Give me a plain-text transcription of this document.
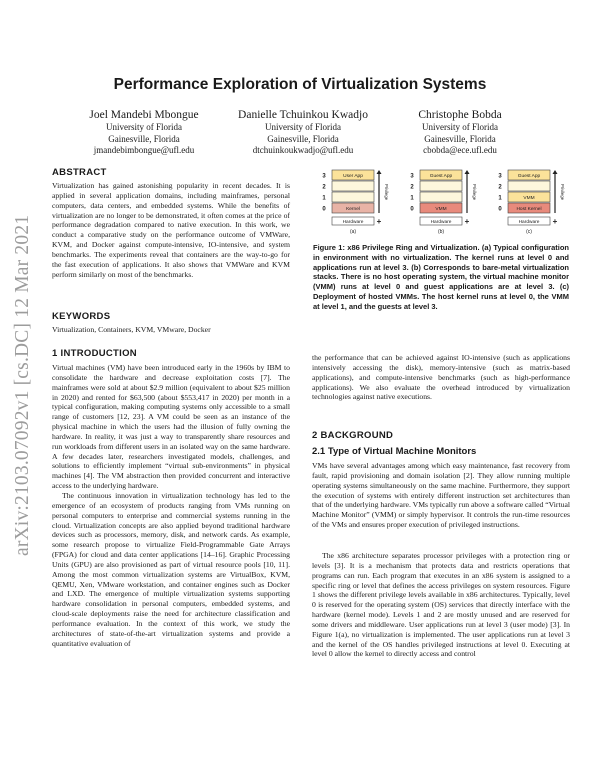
arXiv:2103.07092v1 [cs.DC] 12 Mar 2021
Performance Exploration of Virtualization Systems
Joel Mandebi Mbongue
University of Florida
Gainesville, Florida
jmandebimbongue@ufl.edu
Danielle Tchuinkou Kwadjo
University of Florida
Gainesville, Florida
dtchuinkoukwadjo@ufl.edu
Christophe Bobda
University of Florida
Gainesville, Florida
cbobda@ece.ufl.edu
ABSTRACT

Virtualization has gained astonishing popularity in recent decades. It is applied in several application domains, including mainframes, personal computers, data centers, and embedded systems. While the benefits of virtualization are no longer to be demonstrated, it often comes at the price of performance degradation compared to native execution. In this work, we conduct a comparative study on the performance outcome of VMWare, KVM, and Docker against compute-intensive, IO-intensive, and system benchmarks. The experiments reveal that containers are the way-to-go for the fast execution of applications. It also shows that VMWare and KVM perform similarly on most of the benchmarks.

KEYWORDS

Virtualization, Containers, KVM, VMware, Docker

1 INTRODUCTION

Virtual machines (VM) have been introduced early in the 1960s by IBM to consolidate the hardware and decrease exploitation costs [7]. The mainframes were sold at about $2.9 million (equivalent to about $25 million in 2020) and rented for $63,500 (about $553,417 in 2020) per month in a typical configuration, making computing systems only accessible to a small range of customers [12, 23]. A VM could be seen as an instance of the physical machine in which the users had the illusion of fully owning the hardware. In reality, it was just a way to transparently share resources and run workloads from different users in an isolated way on the same hardware. A few decades later, researchers investigated models, challenges, and solutions to efficiently implement “virtual sub-environments” in physical machines [4]. The VM abstraction then provided concurrent and interactive access to the underlying hardware.

The continuous innovation in virtualization technology has led to the emergence of an ecosystem of products ranging from VMs running on personal computers to enterprise and commercial systems running in the cloud. Virtualization concepts are also applied beyond traditional hardware devices such as processors, memory, disk, and network cards. As example, some research propose to virtualize Field-Programmable Gate Arrays (FPGA) for cloud and data center applications [14–16]. Graphic Processing Units (GPU) are also provisioned as part of virtual resource pools [10, 11]. Among the most common virtualization systems are VirtualBox, KVM, QEMU, Xen, VMware workstation, and container engines such as Docker and LXD. The emergence of multiple virtualization systems supporting hardware consolidation in personal computers, embedded systems, and cloud-scale deployments raise the need for architecture classification and performance evaluation. In the context of this work, we study the architectures of state-of-the-art virtualization systems and provide a quantitative evaluation of

3
2
1
0
User App
Kernel
Privilege
Hardware +
(a)
3
2
1
0
Guest App
VMM
Privilege
Hardware +
(b)
3
2
1
0
Guest App
VMM
Host Kernel
Privilege
Hardware +
(c)
Figure 1: x86 Privilege Ring and Virtualization. (a) Typical configuration in environment with no virtualization. The kernel runs at level 0 and applications run at level 3. (b) Corresponds to bare-metal virtualization stacks. There is no host operating system, the virtual machine monitor (VMM) runs at level 0 and guest applications are at level 3. (c) Deployment of hosted VMMs. The host kernel runs at level 0, the VMM at level 1, and the guests at level 3.

the performance that can be achieved against IO-intensive (such as applications intensively accessing the disk), memory-intensive (such as matrix-based applications), and compute-intensive benchmarks (such as high-performance applications). We also evaluate the overhead introduced by virtualization technologies against native executions.

2 BACKGROUND
2.1 Type of Virtual Machine Monitors

VMs have several advantages among which easy maintenance, fast recovery from fault, rapid provisioning and domain isolation [2]. They allow running multiple operating systems simultaneously on the same machine. Furthermore, they support the execution of systems with entirely different instruction set architectures than that of the underlying hardware. VMs typically run above a software called “Virtual Machine Monitor” (VMM) or simply hypervisor. It controls the run-time resources of the VMs and ensures proper execution of privileged instructions.

The x86 architecture separates processor privileges with a protection ring or levels [3]. It is a mechanism that protects data and restricts operations that programs can run. Each program that executes in an x86 system is assigned to a specific ring or level that defines the access privileges on system resources. Figure 1 shows the different privilege levels available in x86 architectures. Typically, level 0 is reserved for the operating system (OS) services that directly interface with the hardware (kernel mode). Levels 1 and 2 are mostly unused and are reserved for some drivers and middleware. User applications run at level 3 (user mode) [3]. In Figure 1(a), no virtualization is implemented. The user applications run at level 3 and the kernel of the OS handles privileged instructions at level 0. Executing at level 0 allow the kernel to directly access and control
